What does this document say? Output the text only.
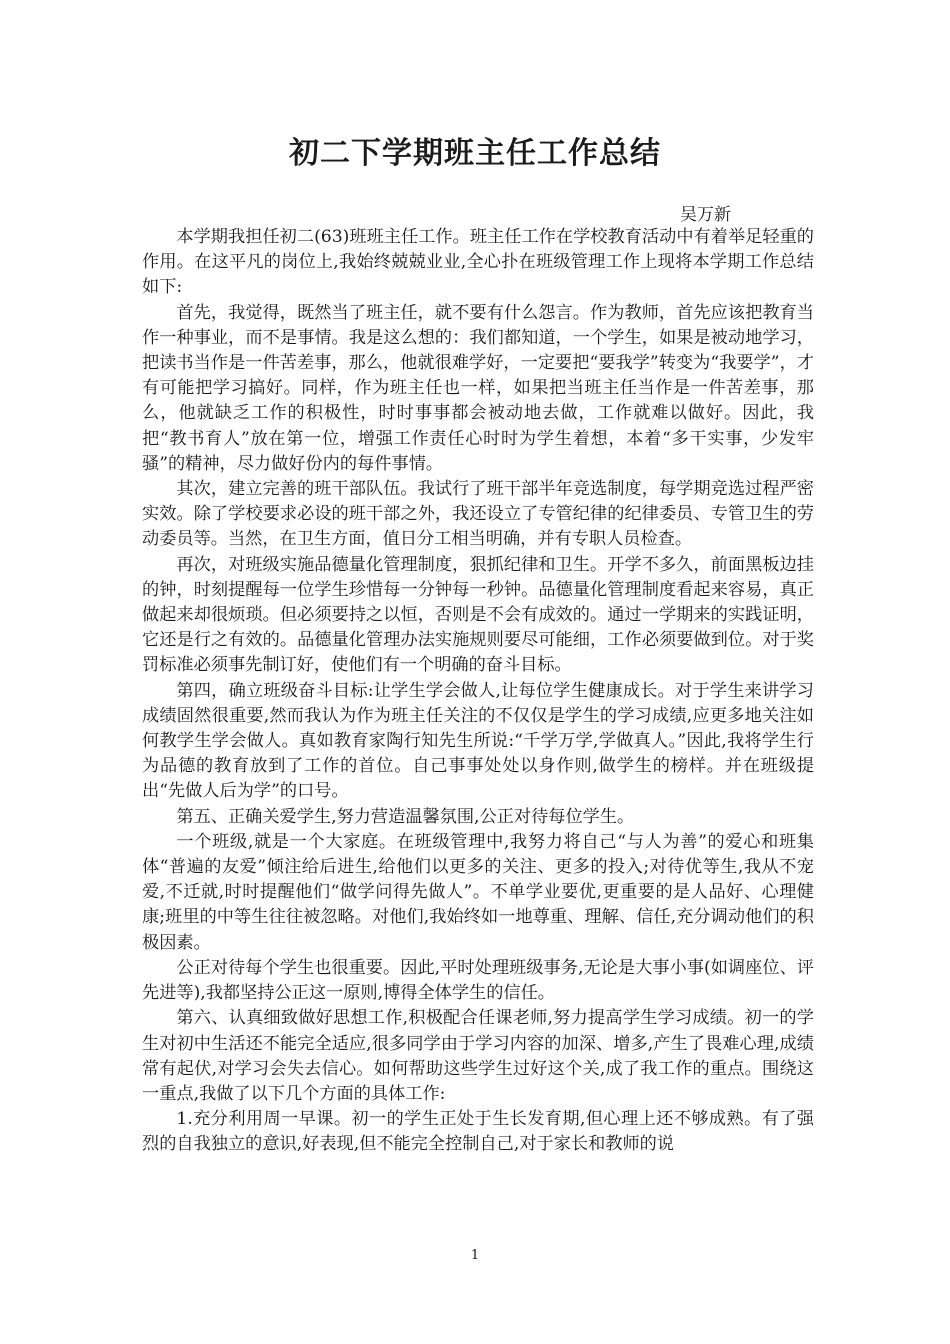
初二下学期班主任工作总结

吴万新

本学期我担任初二(63)班班主任工作。班主任工作在学校教育活动中有着举足轻重的作用。在这平凡的岗位上,我始终兢兢业业,全心扑在班级管理工作上现将本学期工作总结如下:

首先，我觉得，既然当了班主任，就不要有什么怨言。作为教师，首先应该把教育当作一种事业，而不是事情。我是这么想的：我们都知道，一个学生，如果是被动地学习，把读书当作是一件苦差事，那么，他就很难学好，一定要把“要我学”转变为“我要学”，才有可能把学习搞好。同样，作为班主任也一样，如果把当班主任当作是一件苦差事，那么，他就缺乏工作的积极性，时时事事都会被动地去做，工作就难以做好。因此，我把“教书育人”放在第一位，增强工作责任心时时为学生着想，本着“多干实事，少发牢骚”的精神，尽力做好份内的每件事情。

其次，建立完善的班干部队伍。我试行了班干部半年竞选制度，每学期竞选过程严密实效。除了学校要求必设的班干部之外，我还设立了专管纪律的纪律委员、专管卫生的劳动委员等。当然，在卫生方面，值日分工相当明确，并有专职人员检查。

再次，对班级实施品德量化管理制度，狠抓纪律和卫生。开学不多久，前面黑板边挂的钟，时刻提醒每一位学生珍惜每一分钟每一秒钟。品德量化管理制度看起来容易，真正做起来却很烦琐。但必须要持之以恒，否则是不会有成效的。通过一学期来的实践证明，它还是行之有效的。品德量化管理办法实施规则要尽可能细，工作必须要做到位。对于奖罚标准必须事先制订好，使他们有一个明确的奋斗目标。

第四，确立班级奋斗目标:让学生学会做人,让每位学生健康成长。对于学生来讲学习成绩固然很重要,然而我认为作为班主任关注的不仅仅是学生的学习成绩,应更多地关注如何教学生学会做人。真如教育家陶行知先生所说:“千学万学,学做真人。”因此,我将学生行为品德的教育放到了工作的首位。自己事事处处以身作则,做学生的榜样。并在班级提出“先做人后为学”的口号。

第五、正确关爱学生,努力营造温馨氛围,公正对待每位学生。

一个班级,就是一个大家庭。在班级管理中,我努力将自己“与人为善”的爱心和班集体“普遍的友爱”倾注给后进生,给他们以更多的关注、更多的投入;对待优等生,我从不宠爱,不迁就,时时提醒他们“做学问得先做人”。不单学业要优,更重要的是人品好、心理健康;班里的中等生往往被忽略。对他们,我始终如一地尊重、理解、信任,充分调动他们的积极因素。

公正对待每个学生也很重要。因此,平时处理班级事务,无论是大事小事(如调座位、评先进等),我都坚持公正这一原则,博得全体学生的信任。

第六、认真细致做好思想工作,积极配合任课老师,努力提高学生学习成绩。初一的学生对初中生活还不能完全适应,很多同学由于学习内容的加深、增多,产生了畏难心理,成绩常有起伏,对学习会失去信心。如何帮助这些学生过好这个关,成了我工作的重点。围绕这一重点,我做了以下几个方面的具体工作:

1.充分利用周一早课。初一的学生正处于生长发育期,但心理上还不够成熟。有了强烈的自我独立的意识,好表现,但不能完全控制自己,对于家长和教师的说

1
